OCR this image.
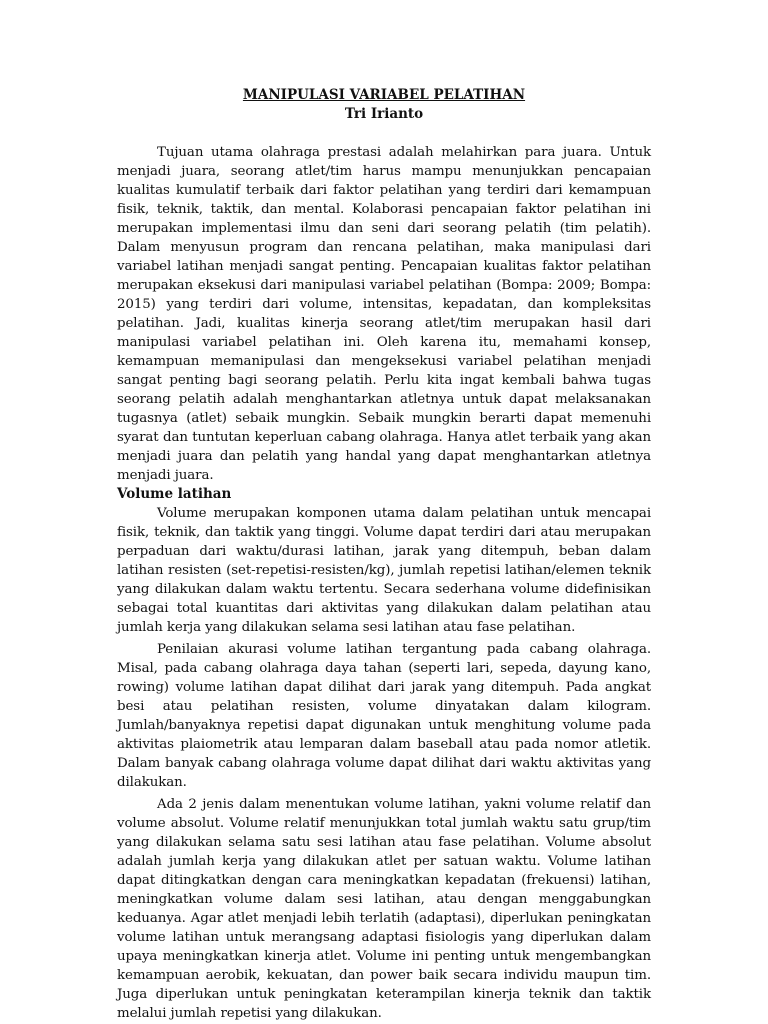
MANIPULASI VARIABEL PELATIHAN
Tri Irianto

Tujuan utama olahraga prestasi adalah melahirkan para juara. Untuk menjadi juara, seorang atlet/tim harus mampu menunjukkan pencapaian kualitas kumulatif terbaik dari faktor pelatihan yang terdiri dari kemampuan fisik, teknik, taktik, dan mental. Kolaborasi pencapaian faktor pelatihan ini merupakan implementasi ilmu dan seni dari seorang pelatih (tim pelatih). Dalam menyusun program dan rencana pelatihan, maka manipulasi dari variabel latihan menjadi sangat penting. Pencapaian kualitas faktor pelatihan merupakan eksekusi dari manipulasi variabel pelatihan (Bompa: 2009; Bompa: 2015) yang terdiri dari volume, intensitas, kepadatan, dan kompleksitas pelatihan. Jadi, kualitas kinerja seorang atlet/tim merupakan hasil dari manipulasi variabel pelatihan ini. Oleh karena itu, memahami konsep, kemampuan memanipulasi dan mengeksekusi variabel pelatihan menjadi sangat penting bagi seorang pelatih. Perlu kita ingat kembali bahwa tugas seorang pelatih adalah menghantarkan atletnya untuk dapat melaksanakan tugasnya (atlet) sebaik mungkin. Sebaik mungkin berarti dapat memenuhi syarat dan tuntutan keperluan cabang olahraga. Hanya atlet terbaik yang akan menjadi juara dan pelatih yang handal yang dapat menghantarkan atletnya menjadi juara.

Volume latihan

Volume merupakan komponen utama dalam pelatihan untuk mencapai fisik, teknik, dan taktik yang tinggi. Volume dapat terdiri dari atau merupakan perpaduan dari waktu/durasi latihan, jarak yang ditempuh, beban dalam latihan resisten (set-repetisi-resisten/kg), jumlah repetisi latihan/elemen teknik yang dilakukan dalam waktu tertentu. Secara sederhana volume didefinisikan sebagai total kuantitas dari aktivitas yang dilakukan dalam pelatihan atau jumlah kerja yang dilakukan selama sesi latihan atau fase pelatihan.

Penilaian akurasi volume latihan tergantung pada cabang olahraga. Misal, pada cabang olahraga daya tahan (seperti lari, sepeda, dayung kano, rowing) volume latihan dapat dilihat dari jarak yang ditempuh. Pada angkat besi atau pelatihan resisten, volume dinyatakan dalam kilogram. Jumlah/banyaknya repetisi dapat digunakan untuk menghitung volume pada aktivitas plaiometrik atau lemparan dalam baseball atau pada nomor atletik. Dalam banyak cabang olahraga volume dapat dilihat dari waktu aktivitas yang dilakukan.

Ada 2 jenis dalam menentukan volume latihan, yakni volume relatif dan volume absolut. Volume relatif menunjukkan total jumlah waktu satu grup/tim yang dilakukan selama satu sesi latihan atau fase pelatihan. Volume absolut adalah jumlah kerja yang dilakukan atlet per satuan waktu. Volume latihan dapat ditingkatkan dengan cara meningkatkan kepadatan (frekuensi) latihan, meningkatkan volume dalam sesi latihan, atau dengan menggabungkan keduanya. Agar atlet menjadi lebih terlatih (adaptasi), diperlukan peningkatan volume latihan untuk merangsang adaptasi fisiologis yang diperlukan dalam upaya meningkatkan kinerja atlet. Volume ini penting untuk mengembangkan kemampuan aerobik, kekuatan, dan power baik secara individu maupun tim. Juga diperlukan untuk peningkatan keterampilan kinerja teknik dan taktik melalui jumlah repetisi yang dilakukan.
